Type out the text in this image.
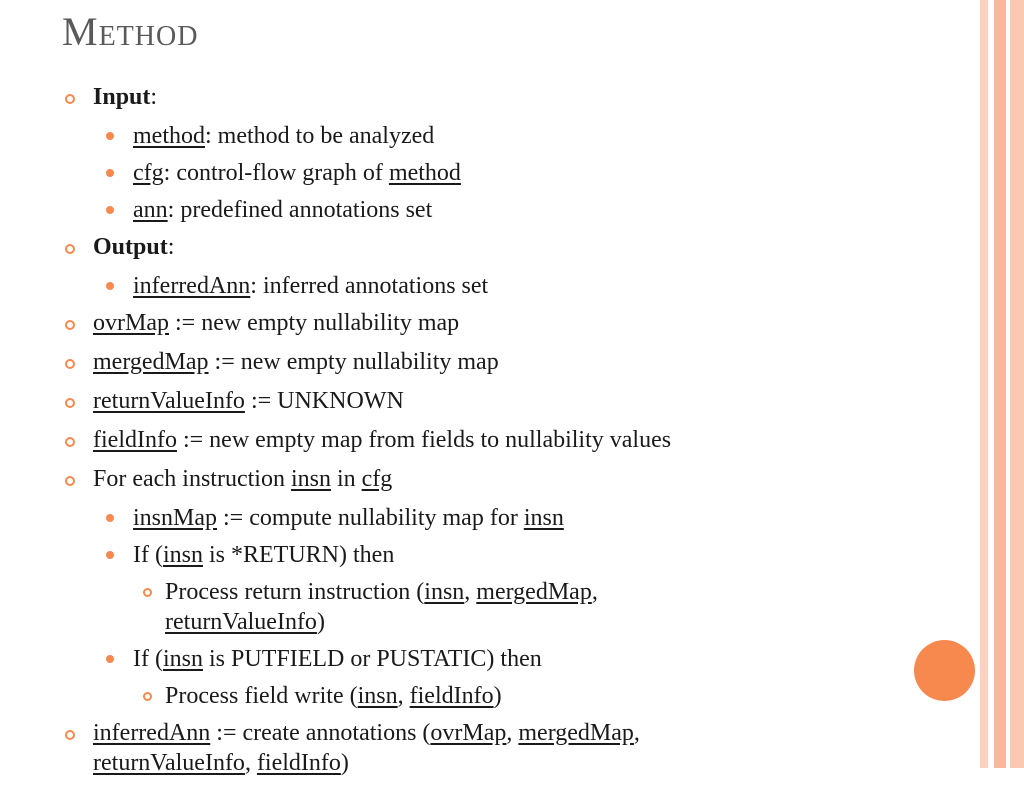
Method
Input:
method: method to be analyzed
cfg: control-flow graph of method
ann: predefined annotations set
Output:
inferredAnn: inferred annotations set
ovrMap := new empty nullability map
mergedMap := new empty nullability map
returnValueInfo := UNKNOWN
fieldInfo := new empty map from fields to nullability values
For each instruction insn in cfg
insnMap := compute nullability map for insn
If (insn is *RETURN) then
Process return instruction (insn, mergedMap,
returnValueInfo)
If (insn is PUTFIELD or PUSTATIC) then
Process field write (insn, fieldInfo)
inferredAnn := create annotations (ovrMap, mergedMap,
returnValueInfo, fieldInfo)
